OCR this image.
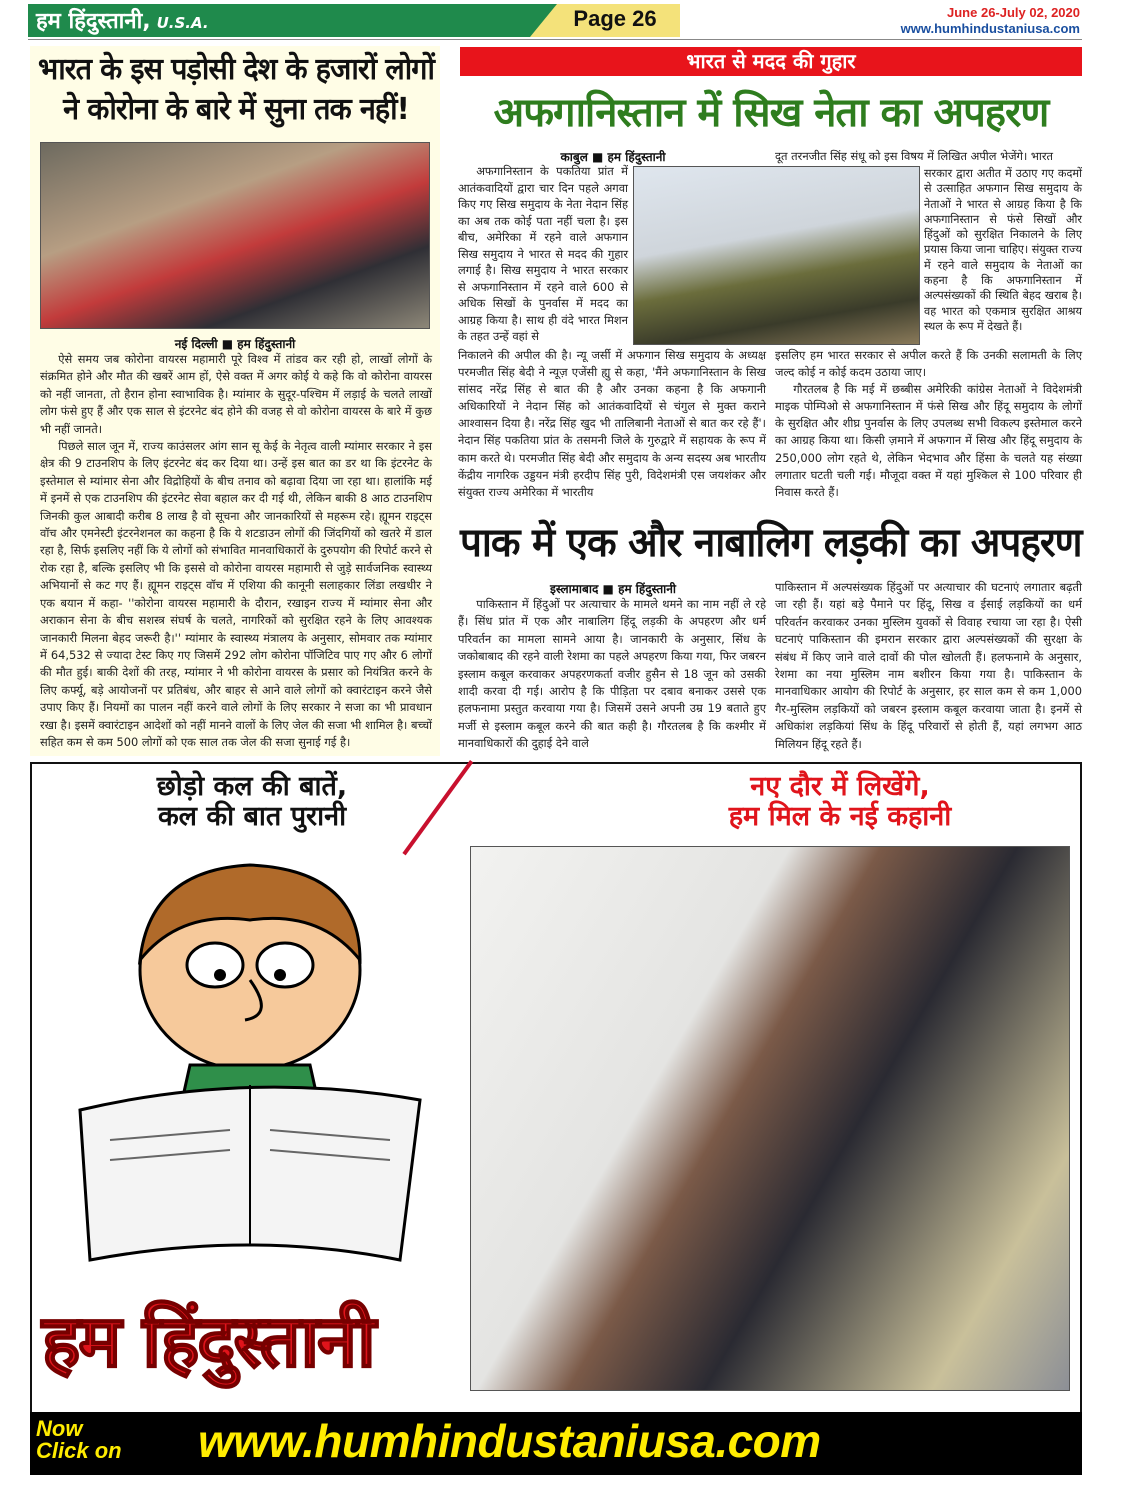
हम हिंदुस्तानी, U.S.A.	Page 26	June 26-July 02, 2020
www.humhindustaniusa.com
भारत के इस पड़ोसी देश के हजारों लोगों ने कोरोना के बारे में सुना तक नहीं!
नई दिल्ली ■ हम हिंदुस्तानी

ऐसे समय जब कोरोना वायरस महामारी पूरे विश्व में तांडव कर रही हो, लाखों लोगों के संक्रमित होने और मौत की खबरें आम हों, ऐसे वक्त में अगर कोई ये कहे कि वो कोरोना वायरस को नहीं जानता, तो हैरान होना स्वाभाविक है। म्यांमार के सुदूर-पश्चिम में लड़ाई के चलते लाखों लोग फंसे हुए हैं और एक साल से इंटरनेट बंद होने की वजह से वो कोरोना वायरस के बारे में कुछ भी नहीं जानते।

पिछले साल जून में, राज्य काउंसलर आंग सान सू केई के नेतृत्व वाली म्यांमार सरकार ने इस क्षेत्र की 9 टाउनशिप के लिए इंटरनेट बंद कर दिया था। उन्हें इस बात का डर था कि इंटरनेट के इस्तेमाल से म्यांमार सेना और विद्रोहियों के बीच तनाव को बढ़ावा दिया जा रहा था। हालांकि मई में इनमें से एक टाउनशिप की इंटरनेट सेवा बहाल कर दी गई थी, लेकिन बाकी 8 आठ टाउनशिप जिनकी कुल आबादी करीब 8 लाख है वो सूचना और जानकारियों से महरूम रहे। ह्यूमन राइट्स वॉच और एमनेस्टी इंटरनेशनल का कहना है कि ये शटडाउन लोगों की जिंदगियों को खतरे में डाल रहा है, सिर्फ इसलिए नहीं कि ये लोगों को संभावित मानवाधिकारों के दुरुपयोग की रिपोर्ट करने से रोक रहा है, बल्कि इसलिए भी कि इससे वो कोरोना वायरस महामारी से जुड़े सार्वजनिक स्वास्थ्य अभियानों से कट गए हैं। ह्यूमन राइट्स वॉच में एशिया की कानूनी सलाहकार लिंडा लखधीर ने एक बयान में कहा- ''कोरोना वायरस महामारी के दौरान, रखाइन राज्य में म्यांमार सेना और अराकान सेना के बीच सशस्त्र संघर्ष के चलते, नागरिकों को सुरक्षित रहने के लिए आवश्यक जानकारी मिलना बेहद जरूरी है।'' म्यांमार के स्वास्थ्य मंत्रालय के अनुसार, सोमवार तक म्यांमार में 64,532 से ज्यादा टेस्ट किए गए जिसमें 292 लोग कोरोना पॉजिटिव पाए गए और 6 लोगों की मौत हुई। बाकी देशों की तरह, म्यांमार ने भी कोरोना वायरस के प्रसार को नियंत्रित करने के लिए कर्फ्यू, बड़े आयोजनों पर प्रतिबंध, और बाहर से आने वाले लोगों को क्वारंटाइन करने जैसे उपाए किए हैं। नियमों का पालन नहीं करने वाले लोगों के लिए सरकार ने सजा का भी प्रावधान रखा है। इसमें क्वारंटाइन आदेशों को नहीं मानने वालों के लिए जेल की सजा भी शामिल है। बच्चों सहित कम से कम 500 लोगों को एक साल तक जेल की सजा सुनाई गई है।

भारत से मदद की गुहार
अफगानिस्तान में सिख नेता का अपहरण
काबुल ■ हम हिंदुस्तानी

अफगानिस्तान के पकतिया प्रांत में आतंकवादियों द्वारा चार दिन पहले अगवा किए गए सिख समुदाय के नेता नेदान सिंह का अब तक कोई पता नहीं चला है। इस बीच, अमेरिका में रहने वाले अफगान सिख समुदाय ने भारत से मदद की गुहार लगाई है। सिख समुदाय ने भारत सरकार से अफगानिस्तान में रहने वाले 600 से अधिक सिखों के पुनर्वास में मदद का आग्रह किया है। साथ ही वंदे भारत मिशन के तहत उन्हें वहां से

निकालने की अपील की है। न्यू जर्सी में अफगान सिख समुदाय के अध्यक्ष परमजीत सिंह बेदी ने न्यूज़ एजेंसी ह्यु से कहा, 'मैंने अफगानिस्तान के सिख सांसद नरेंद्र सिंह से बात की है और उनका कहना है कि अफगानी अधिकारियों ने नेदान सिंह को आतंकवादियों से चंगुल से मुक्त कराने आश्वासन दिया है। नरेंद्र सिंह खुद भी तालिबानी नेताओं से बात कर रहे हैं'। नेदान सिंह पकतिया प्रांत के तसमनी जिले के गुरुद्वारे में सहायक के रूप में काम करते थे। परमजीत सिंह बेदी और समुदाय के अन्य सदस्य अब भारतीय केंद्रीय नागरिक उड्डयन मंत्री हरदीप सिंह पुरी, विदेशमंत्री एस जयशंकर और संयुक्त राज्य अमेरिका में भारतीय

दूत तरनजीत सिंह संधू को इस विषय में लिखित अपील भेजेंगे। भारत

सरकार द्वारा अतीत में उठाए गए कदमों से उत्साहित अफगान सिख समुदाय के नेताओं ने भारत से आग्रह किया है कि अफगानिस्तान से फंसे सिखों और हिंदुओं को सुरक्षित निकालने के लिए प्रयास किया जाना चाहिए। संयुक्त राज्य में रहने वाले समुदाय के नेताओं का कहना है कि अफगानिस्तान में अल्पसंख्यकों की स्थिति बेहद खराब है। वह भारत को एकमात्र सुरक्षित आश्रय स्थल के रूप में देखते हैं।

इसलिए हम भारत सरकार से अपील करते हैं कि उनकी सलामती के लिए जल्द कोई न कोई कदम उठाया जाए।

गौरतलब है कि मई में छब्बीस अमेरिकी कांग्रेस नेताओं ने विदेशमंत्री माइक पोम्पिओ से अफगानिस्तान में फंसे सिख और हिंदू समुदाय के लोगों के सुरक्षित और शीघ्र पुनर्वास के लिए उपलब्ध सभी विकल्प इस्तेमाल करने का आग्रह किया था। किसी ज़माने में अफगान में सिख और हिंदू समुदाय के 250,000 लोग रहते थे, लेकिन भेदभाव और हिंसा के चलते यह संख्या लगातार घटती चली गई। मौजूदा वक्त में यहां मुश्किल से 100 परिवार ही निवास करते हैं।

पाक में एक और नाबालिग लड़की का अपहरण
इस्लामाबाद ■ हम हिंदुस्तानी

पाकिस्तान में हिंदुओं पर अत्याचार के मामले थमने का नाम नहीं ले रहे हैं। सिंध प्रांत में एक और नाबालिग हिंदू लड़की के अपहरण और धर्म परिवर्तन का मामला सामने आया है। जानकारी के अनुसार, सिंध के जकोबाबाद की रहने वाली रेशमा का पहले अपहरण किया गया, फिर जबरन इस्लाम कबूल करवाकर अपहरणकर्ता वजीर हुसैन से 18 जून को उसकी शादी करवा दी गई। आरोप है कि पीड़िता पर दबाव बनाकर उससे एक हलफनामा प्रस्तुत करवाया गया है। जिसमें उसने अपनी उम्र 19 बताते हुए मर्जी से इस्लाम कबूल करने की बात कही है। गौरतलब है कि कश्मीर में मानवाधिकारों की दुहाई देने वाले

पाकिस्तान में अल्पसंख्यक हिंदुओं पर अत्याचार की घटनाएं लगातार बढ़ती जा रही हैं। यहां बड़े पैमाने पर हिंदू, सिख व ईसाई लड़कियों का धर्म परिवर्तन करवाकर उनका मुस्लिम युवकों से विवाह रचाया जा रहा है। ऐसी घटनाएं पाकिस्तान की इमरान सरकार द्वारा अल्पसंख्यकों की सुरक्षा के संबंध में किए जाने वाले दावों की पोल खोलती हैं। हलफनामे के अनुसार, रेशमा का नया मुस्लिम नाम बशीरन किया गया है। पाकिस्तान के मानवाधिकार आयोग की रिपोर्ट के अनुसार, हर साल कम से कम 1,000 गैर-मुस्लिम लड़कियों को जबरन इस्लाम कबूल करवाया जाता है। इनमें से अधिकांश लड़कियां सिंध के हिंदू परिवारों से होती हैं, यहां लगभग आठ मिलियन हिंदू रहते हैं।

छोड़ो कल की बातें,
कल की बात पुरानी
नए दौर में लिखेंगे,
हम मिल के नई कहानी
हम हिंदुस्तानी
Now
Click on www.humhindustaniusa.com
